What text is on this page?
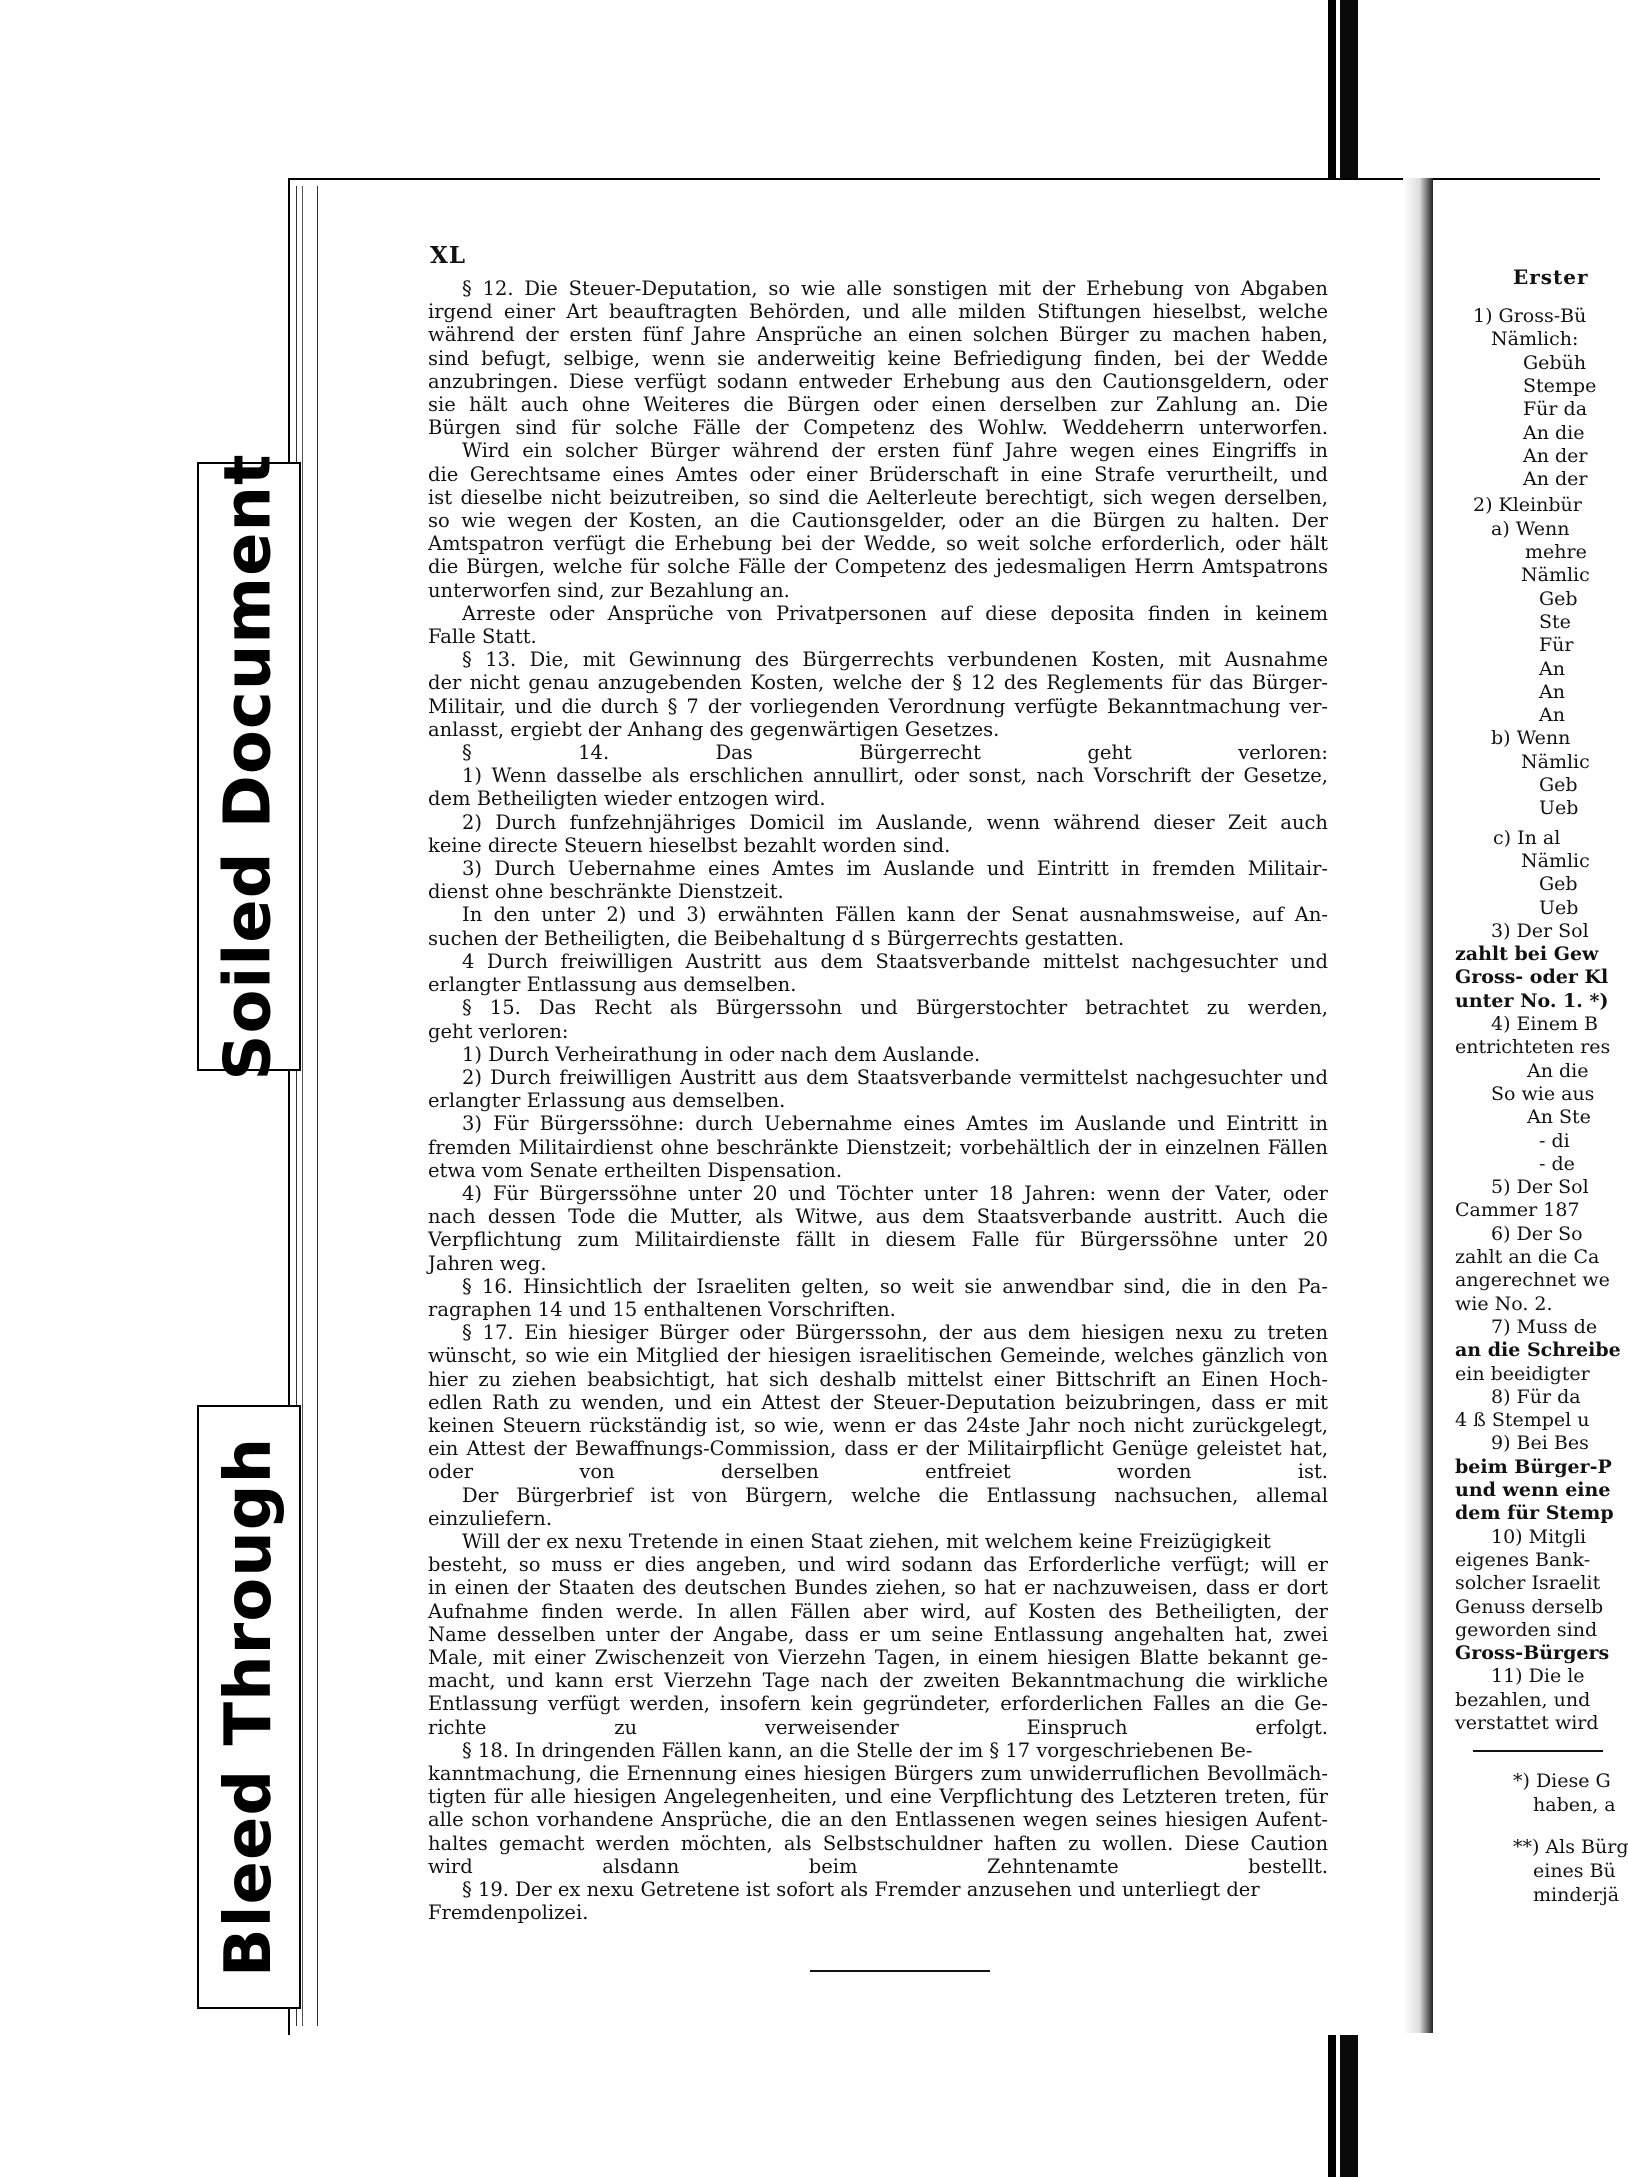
XL

§ 12. Die Steuer-Deputation, so wie alle sonstigen mit der Erhebung von Abgaben

irgend einer Art beauftragten Behörden, und alle milden Stiftungen hieselbst, welche

während der ersten fünf Jahre Ansprüche an einen solchen Bürger zu machen haben,

sind befugt, selbige, wenn sie anderweitig keine Befriedigung finden, bei der Wedde

anzubringen. Diese verfügt sodann entweder Erhebung aus den Cautionsgeldern, oder

sie hält auch ohne Weiteres die Bürgen oder einen derselben zur Zahlung an. Die

Bürgen sind für solche Fälle der Competenz des Wohlw. Weddeherrn unterworfen.

Wird ein solcher Bürger während der ersten fünf Jahre wegen eines Eingriffs in

die Gerechtsame eines Amtes oder einer Brüderschaft in eine Strafe verurtheilt, und

ist dieselbe nicht beizutreiben, so sind die Aelterleute berechtigt, sich wegen derselben,

so wie wegen der Kosten, an die Cautionsgelder, oder an die Bürgen zu halten. Der

Amtspatron verfügt die Erhebung bei der Wedde, so weit solche erforderlich, oder hält

die Bürgen, welche für solche Fälle der Competenz des jedesmaligen Herrn Amtspatrons

unterworfen sind, zur Bezahlung an.

Arreste oder Ansprüche von Privatpersonen auf diese deposita finden in keinem

Falle Statt.

§ 13. Die, mit Gewinnung des Bürgerrechts verbundenen Kosten, mit Ausnahme

der nicht genau anzugebenden Kosten, welche der § 12 des Reglements für das Bürger-

Militair, und die durch § 7 der vorliegenden Verordnung verfügte Bekanntmachung ver-

anlasst, ergiebt der Anhang des gegenwärtigen Gesetzes.

§ 14. Das Bürgerrecht geht verloren:

1) Wenn dasselbe als erschlichen annullirt, oder sonst, nach Vorschrift der Gesetze,

dem Betheiligten wieder entzogen wird.

2) Durch funfzehnjähriges Domicil im Auslande, wenn während dieser Zeit auch

keine directe Steuern hieselbst bezahlt worden sind.

3) Durch Uebernahme eines Amtes im Auslande und Eintritt in fremden Militair-

dienst ohne beschränkte Dienstzeit.

In den unter 2) und 3) erwähnten Fällen kann der Senat ausnahmsweise, auf An-

suchen der Betheiligten, die Beibehaltung d s Bürgerrechts gestatten.

4 Durch freiwilligen Austritt aus dem Staatsverbande mittelst nachgesuchter und

erlangter Entlassung aus demselben.

§ 15. Das Recht als Bürgerssohn und Bürgerstochter betrachtet zu werden,

geht verloren:

1) Durch Verheirathung in oder nach dem Auslande.

2) Durch freiwilligen Austritt aus dem Staatsverbande vermittelst nachgesuchter und

erlangter Erlassung aus demselben.

3) Für Bürgerssöhne: durch Uebernahme eines Amtes im Auslande und Eintritt in

fremden Militairdienst ohne beschränkte Dienstzeit; vorbehältlich der in einzelnen Fällen

etwa vom Senate ertheilten Dispensation.

4) Für Bürgerssöhne unter 20 und Töchter unter 18 Jahren: wenn der Vater, oder

nach dessen Tode die Mutter, als Witwe, aus dem Staatsverbande austritt. Auch die

Verpflichtung zum Militairdienste fällt in diesem Falle für Bürgerssöhne unter 20

Jahren weg.

§ 16. Hinsichtlich der Israeliten gelten, so weit sie anwendbar sind, die in den Pa-

ragraphen 14 und 15 enthaltenen Vorschriften.

§ 17. Ein hiesiger Bürger oder Bürgerssohn, der aus dem hiesigen nexu zu treten

wünscht, so wie ein Mitglied der hiesigen israelitischen Gemeinde, welches gänzlich von

hier zu ziehen beabsichtigt, hat sich deshalb mittelst einer Bittschrift an Einen Hoch-

edlen Rath zu wenden, und ein Attest der Steuer-Deputation beizubringen, dass er mit

keinen Steuern rückständig ist, so wie, wenn er das 24ste Jahr noch nicht zurückgelegt,

ein Attest der Bewaffnungs-Commission, dass er der Militairpflicht Genüge geleistet hat,

oder von derselben entfreiet worden ist.

Der Bürgerbrief ist von Bürgern, welche die Entlassung nachsuchen, allemal einzuliefern.

Will der ex nexu Tretende in einen Staat ziehen, mit welchem keine Freizügigkeit

besteht, so muss er dies angeben, und wird sodann das Erforderliche verfügt; will er

in einen der Staaten des deutschen Bundes ziehen, so hat er nachzuweisen, dass er dort

Aufnahme finden werde. In allen Fällen aber wird, auf Kosten des Betheiligten, der

Name desselben unter der Angabe, dass er um seine Entlassung angehalten hat, zwei

Male, mit einer Zwischenzeit von Vierzehn Tagen, in einem hiesigen Blatte bekannt ge-

macht, und kann erst Vierzehn Tage nach der zweiten Bekanntmachung die wirkliche

Entlassung verfügt werden, insofern kein gegründeter, erforderlichen Falles an die Ge-

richte zu verweisender Einspruch erfolgt.

§ 18. In dringenden Fällen kann, an die Stelle der im § 17 vorgeschriebenen Be-

kanntmachung, die Ernennung eines hiesigen Bürgers zum unwiderruflichen Bevollmäch-

tigten für alle hiesigen Angelegenheiten, und eine Verpflichtung des Letzteren treten, für

alle schon vorhandene Ansprüche, die an den Entlassenen wegen seines hiesigen Aufent-

haltes gemacht werden möchten, als Selbstschuldner haften zu wollen. Diese Caution

wird alsdann beim Zehntenamte bestellt.

§ 19. Der ex nexu Getretene ist sofort als Fremder anzusehen und unterliegt der

Fremdenpolizei.

Erster
1) Gross-Bü
Nämlich:
Gebüh
Stempe
Für da
An die
An der
An der
2) Kleinbür
a) Wenn
mehre
Nämlic
Geb
Ste
Für
An
An
An
b) Wenn
Nämlic
Geb
Ueb
c) In al
Nämlic
Geb
Ueb
3) Der Sol
zahlt bei Gew
Gross- oder Kl
unter No. 1. *)
4) Einem B
entrichteten res
An die
So wie aus
An Ste
- di
- de
5) Der Sol
Cammer 187
6) Der So
zahlt an die Ca
angerechnet we
wie No. 2.
7) Muss de
an die Schreibe
ein beeidigter
8) Für da
4 ß Stempel u
9) Bei Bes
beim Bürger-P
und wenn eine
dem für Stemp
10) Mitgli
eigenes Bank-
solcher Israelit
Genuss derselb
geworden sind
Gross-Bürgers
11) Die le
bezahlen, und
verstattet wird
*) Diese G
haben, a
**) Als Bürg
eines Bü
minderjä
Soiled Document
Bleed Through
